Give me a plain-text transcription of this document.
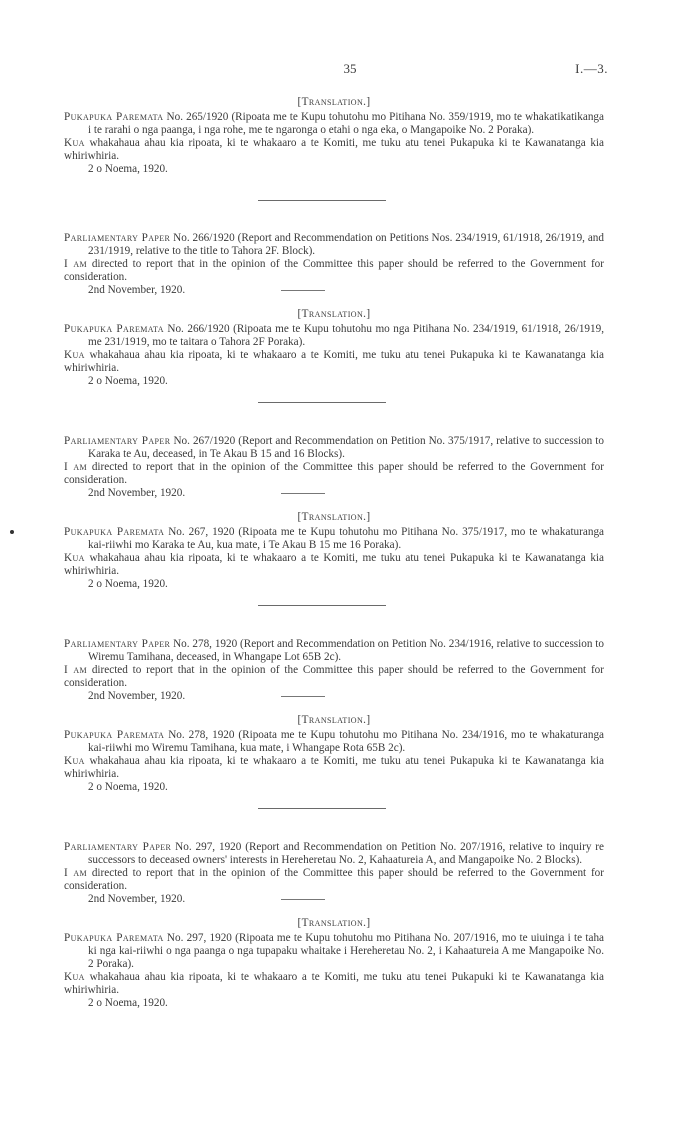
35	I.—3.

[Translation.]

Pukapuka Paremata No. 265/1920 (Ripoata me te Kupu tohutohu mo Pitihana No. 359/1919, mo te whakatikatikanga i te rarahi o nga paanga, i nga rohe, me te ngaronga o etahi o nga eka, o Mangapoike No. 2 Poraka).

Kua whakahaua ahau kia ripoata, ki te whakaaro a te Komiti, me tuku atu tenei Pukapuka ki te Kawanatanga kia whiriwhiria.

2 o Noema, 1920.

Parliamentary Paper No. 266/1920 (Report and Recommendation on Petitions Nos. 234/1919, 61/1918, 26/1919, and 231/1919, relative to the title to Tahora 2F. Block).

I am directed to report that in the opinion of the Committee this paper should be referred to the Government for consideration.

2nd November, 1920.

[Translation.]

Pukapuka Paremata No. 266/1920 (Ripoata me te Kupu tohutohu mo nga Pitihana No. 234/1919, 61/1918, 26/1919, me 231/1919, mo te taitara o Tahora 2F Poraka).

Kua whakahaua ahau kia ripoata, ki te whakaaro a te Komiti, me tuku atu tenei Pukapuka ki te Kawanatanga kia whiriwhiria.

2 o Noema, 1920.

Parliamentary Paper No. 267/1920 (Report and Recommendation on Petition No. 375/1917, relative to succession to Karaka te Au, deceased, in Te Akau B 15 and 16 Blocks).

I am directed to report that in the opinion of the Committee this paper should be referred to the Government for consideration.

2nd November, 1920.

[Translation.]

Pukapuka Paremata No. 267, 1920 (Ripoata me te Kupu tohutohu mo Pitihana No. 375/1917, mo te whakaturanga kai-riiwhi mo Karaka te Au, kua mate, i Te Akau B 15 me 16 Poraka).

Kua whakahaua ahau kia ripoata, ki te whakaaro a te Komiti, me tuku atu tenei Pukapuka ki te Kawanatanga kia whiriwhiria.

2 o Noema, 1920.

Parliamentary Paper No. 278, 1920 (Report and Recommendation on Petition No. 234/1916, relative to succession to Wiremu Tamihana, deceased, in Whangape Lot 65B 2c).

I am directed to report that in the opinion of the Committee this paper should be referred to the Government for consideration.

2nd November, 1920.

[Translation.]

Pukapuka Paremata No. 278, 1920 (Ripoata me te Kupu tohutohu mo Pitihana No. 234/1916, mo te whakaturanga kai-riiwhi mo Wiremu Tamihana, kua mate, i Whangape Rota 65B 2c).

Kua whakahaua ahau kia ripoata, ki te whakaaro a te Komiti, me tuku atu tenei Pukapuka ki te Kawanatanga kia whiriwhiria.

2 o Noema, 1920.

Parliamentary Paper No. 297, 1920 (Report and Recommendation on Petition No. 207/1916, relative to inquiry re successors to deceased owners' interests in Hereheretau No. 2, Kahaatureia A, and Mangapoike No. 2 Blocks).

I am directed to report that in the opinion of the Committee this paper should be referred to the Government for consideration.

2nd November, 1920.

[Translation.]

Pukapuka Paremata No. 297, 1920 (Ripoata me te Kupu tohutohu mo Pitihana No. 207/1916, mo te uiuinga i te taha ki nga kai-riiwhi o nga paanga o nga tupapaku whaitake i Hereheretau No. 2, i Kahaatureia A me Mangapoike No. 2 Poraka).

Kua whakahaua ahau kia ripoata, ki te whakaaro a te Komiti, me tuku atu tenei Pukapuki ki te Kawanatanga kia whiriwhiria.

2 o Noema, 1920.
